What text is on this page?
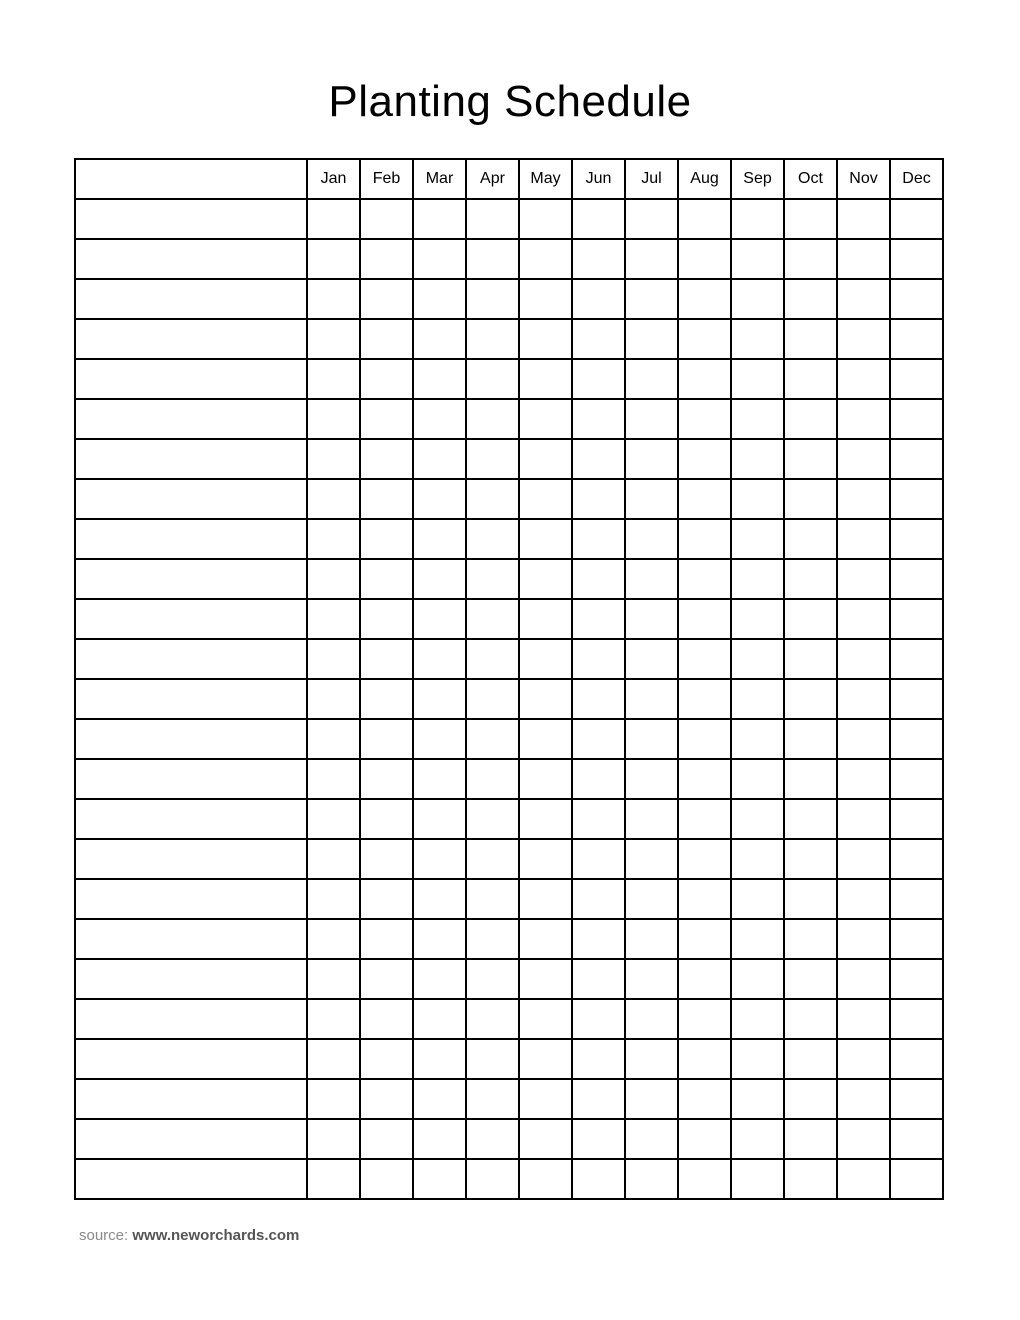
Planting Schedule
	Jan	Feb	Mar	Apr	May	Jun	Jul	Aug	Sep	Oct	Nov	Dec

source: www.neworchards.com
